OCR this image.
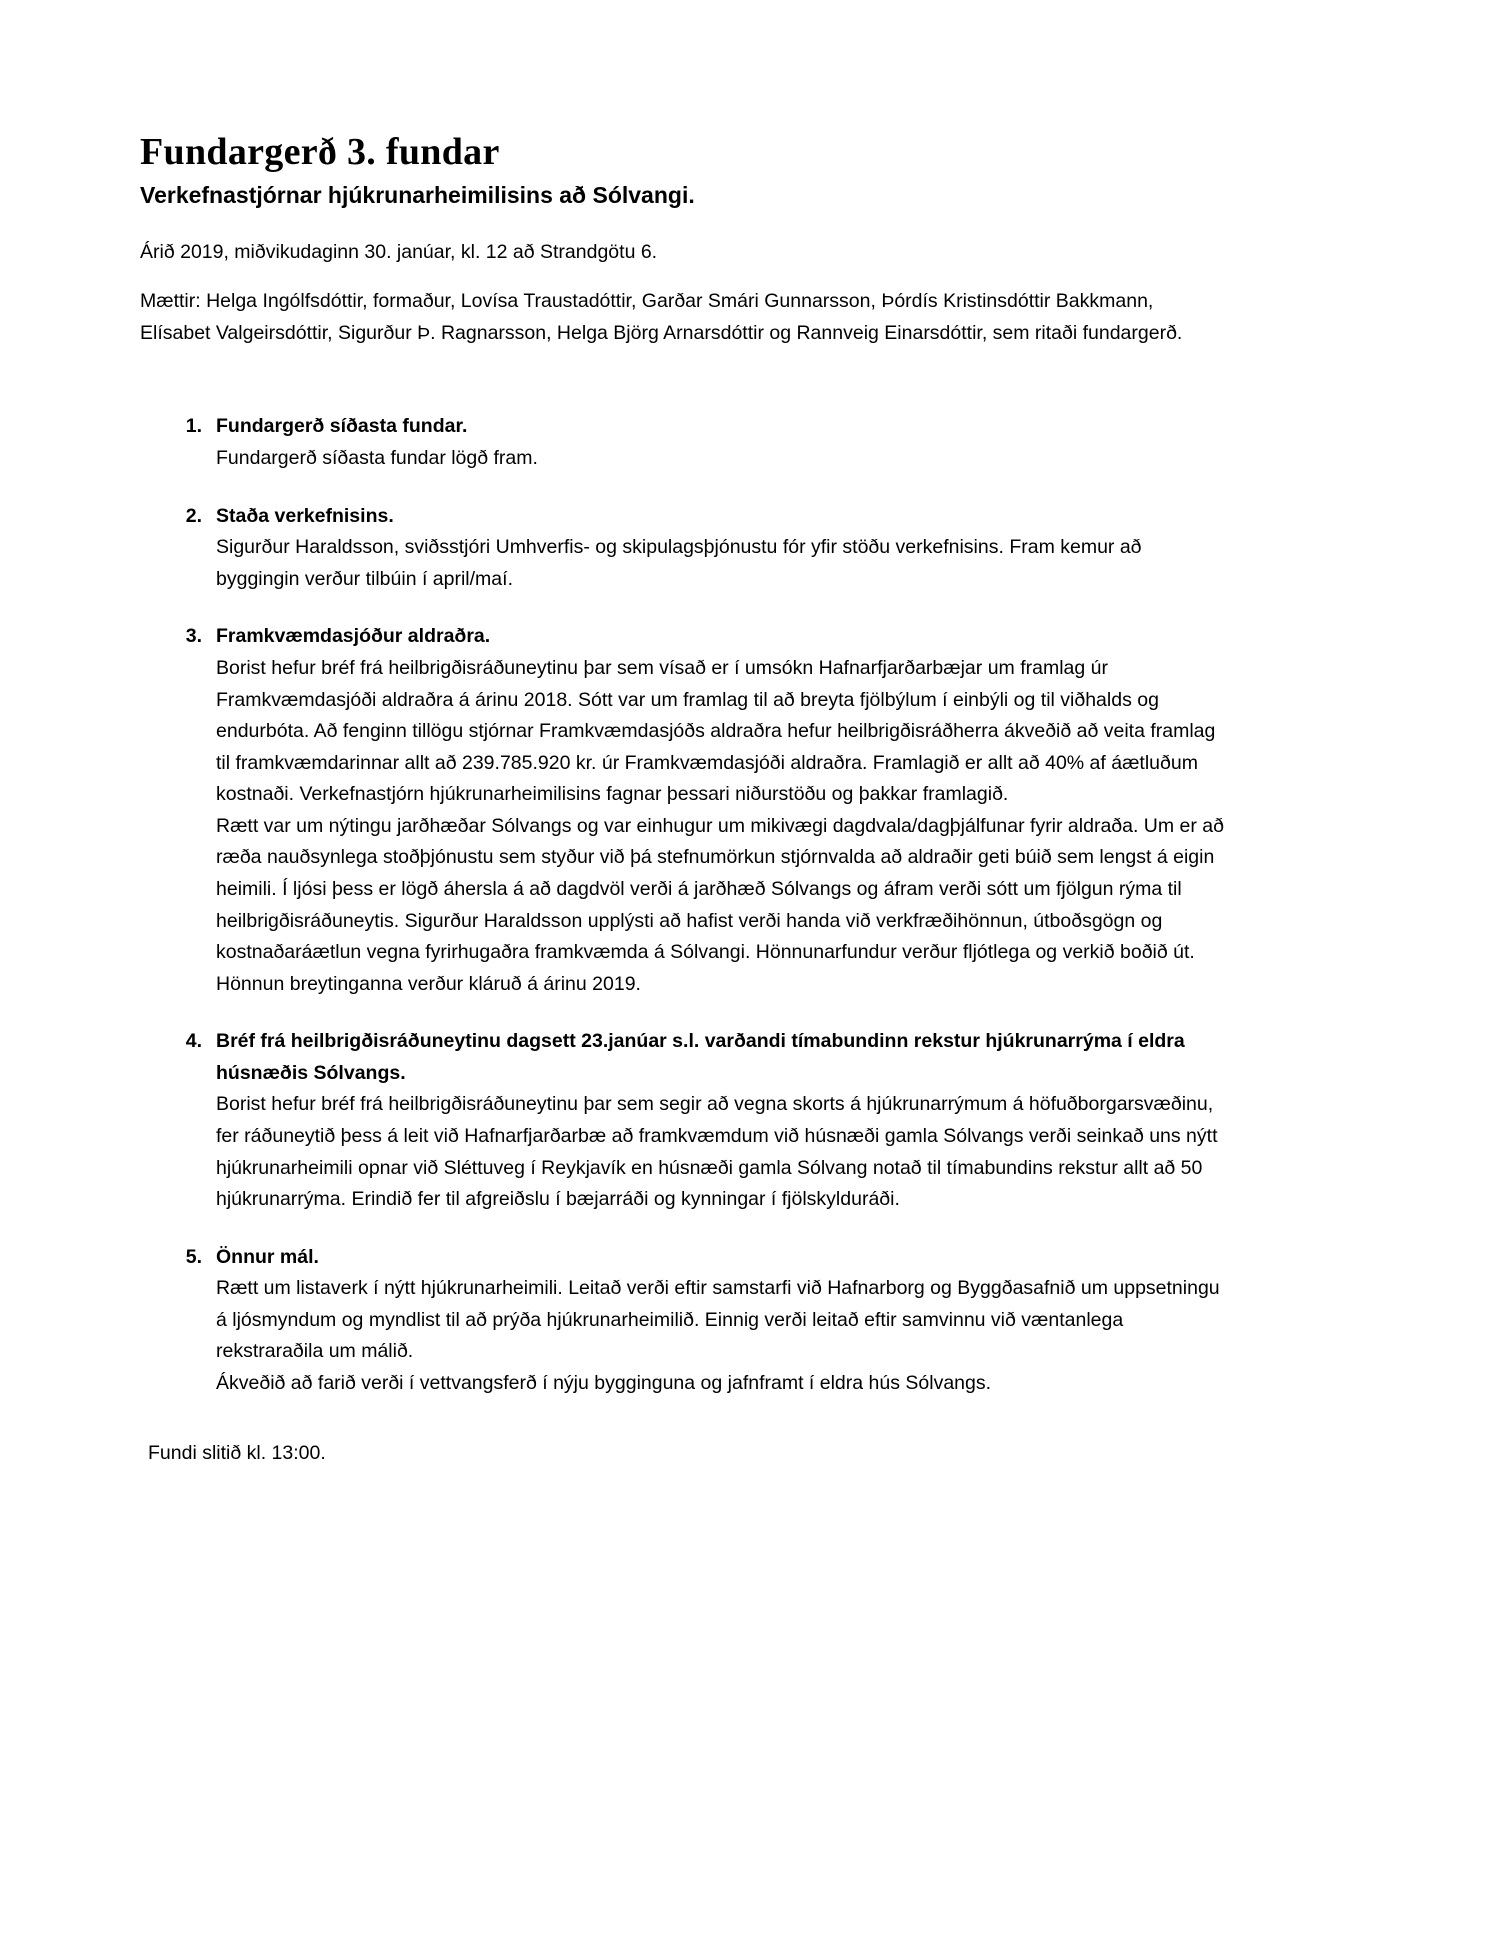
Fundargerð 3. fundar
Verkefnastjórnar hjúkrunarheimilisins að Sólvangi.

Árið 2019, miðvikudaginn 30. janúar, kl. 12 að Strandgötu 6.

Mættir: Helga Ingólfsdóttir, formaður, Lovísa Traustadóttir, Garðar Smári Gunnarsson, Þórdís Kristinsdóttir Bakkmann, Elísabet Valgeirsdóttir, Sigurður Þ. Ragnarsson, Helga Björg Arnarsdóttir og Rannveig Einarsdóttir, sem ritaði fundargerð.

1. Fundargerð síðasta fundar.

Fundargerð síðasta fundar lögð fram.

2. Staða verkefnisins.

Sigurður Haraldsson, sviðsstjóri Umhverfis- og skipulagsþjónustu fór yfir stöðu verkefnisins. Fram kemur að byggingin verður tilbúin í april/maí.

3. Framkvæmdasjóður aldraðra.

Borist hefur bréf frá heilbrigðisráðuneytinu þar sem vísað er í umsókn Hafnarfjarðarbæjar um framlag úr Framkvæmdasjóði aldraðra á árinu 2018. Sótt var um framlag til að breyta fjölbýlum í einbýli og til viðhalds og endurbóta. Að fenginn tillögu stjórnar Framkvæmdasjóðs aldraðra hefur heilbrigðisráðherra ákveðið að veita framlag til framkvæmdarinnar allt að 239.785.920 kr. úr Framkvæmdasjóði aldraðra. Framlagið er allt að 40% af áætluðum kostnaði. Verkefnastjórn hjúkrunarheimilisins fagnar þessari niðurstöðu og þakkar framlagið.

Rætt var um nýtingu jarðhæðar Sólvangs og var einhugur um mikivægi dagdvala/dagþjálfunar fyrir aldraða. Um er að ræða nauðsynlega stoðþjónustu sem styður við þá stefnumörkun stjórnvalda að aldraðir geti búið sem lengst á eigin heimili. Í ljósi þess er lögð áhersla á að dagdvöl verði á jarðhæð Sólvangs og áfram verði sótt um fjölgun rýma til heilbrigðisráðuneytis. Sigurður Haraldsson upplýsti að hafist verði handa við verkfræðihönnun, útboðsgögn og kostnaðaráætlun vegna fyrirhugaðra framkvæmda á Sólvangi. Hönnunarfundur verður fljótlega og verkið boðið út. Hönnun breytinganna verður kláruð á árinu 2019.

4. Bréf frá heilbrigðisráðuneytinu dagsett 23.janúar s.l. varðandi tímabundinn rekstur hjúkrunarrýma í eldra húsnæðis Sólvangs.

Borist hefur bréf frá heilbrigðisráðuneytinu þar sem segir að vegna skorts á hjúkrunarrýmum á höfuðborgarsvæðinu, fer ráðuneytið þess á leit við Hafnarfjarðarbæ að framkvæmdum við húsnæði gamla Sólvangs verði seinkað uns nýtt hjúkrunarheimili opnar við Sléttuveg í Reykjavík en húsnæði gamla Sólvang notað til tímabundins rekstur allt að 50 hjúkrunarrýma. Erindið fer til afgreiðslu í bæjarráði og kynningar í fjölskylduráði.

5. Önnur mál.

Rætt um listaverk í nýtt hjúkrunarheimili. Leitað verði eftir samstarfi við Hafnarborg og Byggðasafnið um uppsetningu á ljósmyndum og myndlist til að prýða hjúkrunarheimilið. Einnig verði leitað eftir samvinnu við væntanlega rekstraraðila um málið.

Ákveðið að farið verði í vettvangsferð í nýju bygginguna og jafnframt í eldra hús Sólvangs.

Fundi slitið kl. 13:00.
